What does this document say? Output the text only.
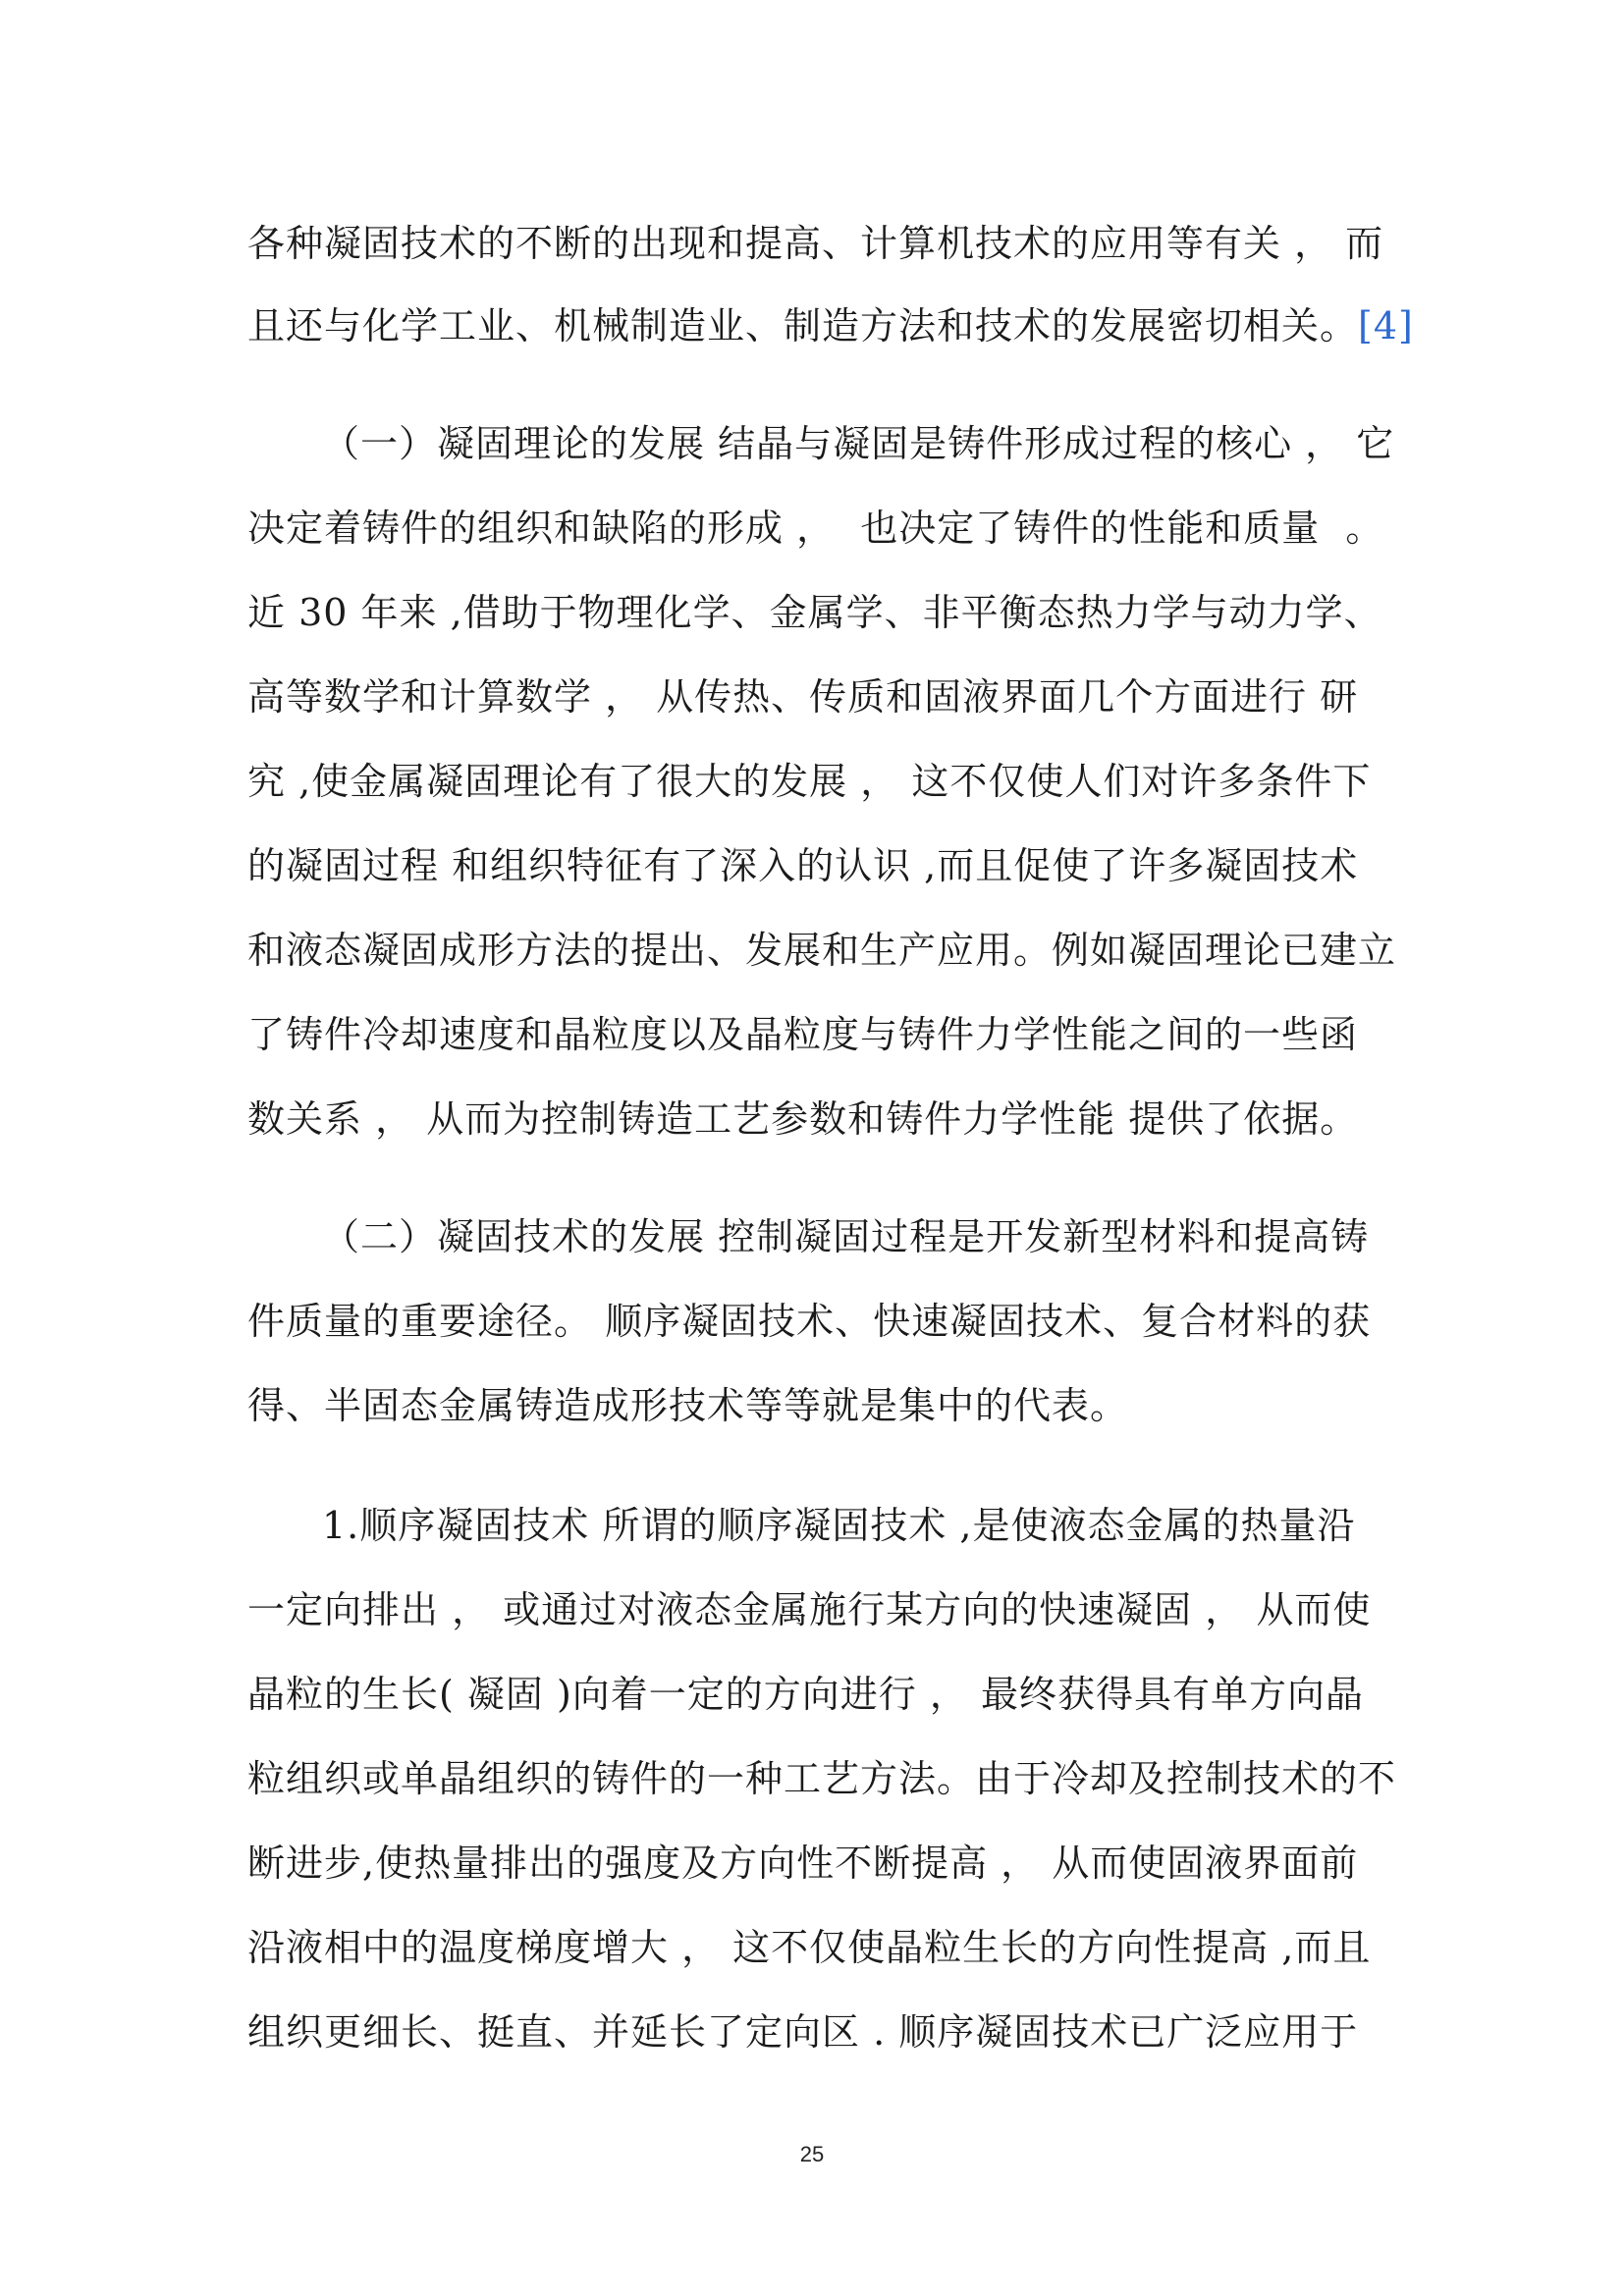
各种凝固技术的不断的出现和提高、计算机技术的应用等有关 ， 而
且还与化学工业、机械制造业、制造方法和技术的发展密切相关。[4]
（一）凝固理论的发展 结晶与凝固是铸件形成过程的核心 ， 它
决定着铸件的组织和缺陷的形成 ，  也决定了铸件的性能和质量  。
近 30 年来 ,借助于物理化学、金属学、非平衡态热力学与动力学、
高等数学和计算数学 ， 从传热、传质和固液界面几个方面进行 研
究 ,使金属凝固理论有了很大的发展 ， 这不仅使人们对许多条件下
的凝固过程 和组织特征有了深入的认识 ,而且促使了许多凝固技术
和液态凝固成形方法的提出、发展和生产应用。例如凝固理论已建立
了铸件冷却速度和晶粒度以及晶粒度与铸件力学性能之间的一些函
数关系 ， 从而为控制铸造工艺参数和铸件力学性能 提供了依据。
（二）凝固技术的发展 控制凝固过程是开发新型材料和提高铸
件质量的重要途径。 顺序凝固技术、快速凝固技术、复合材料的获
得、半固态金属铸造成形技术等等就是集中的代表。
1.顺序凝固技术 所谓的顺序凝固技术 ,是使液态金属的热量沿
一定向排出 ， 或通过对液态金属施行某方向的快速凝固 ， 从而使
晶粒的生长( 凝固 )向着一定的方向进行 ， 最终获得具有单方向晶
粒组织或单晶组织的铸件的一种工艺方法。由于冷却及控制技术的不
断进步,使热量排出的强度及方向性不断提高 ， 从而使固液界面前
沿液相中的温度梯度增大 ， 这不仅使晶粒生长的方向性提高 ,而且
组织更细长、挺直、并延长了定向区 . 顺序凝固技术已广泛应用于
25
